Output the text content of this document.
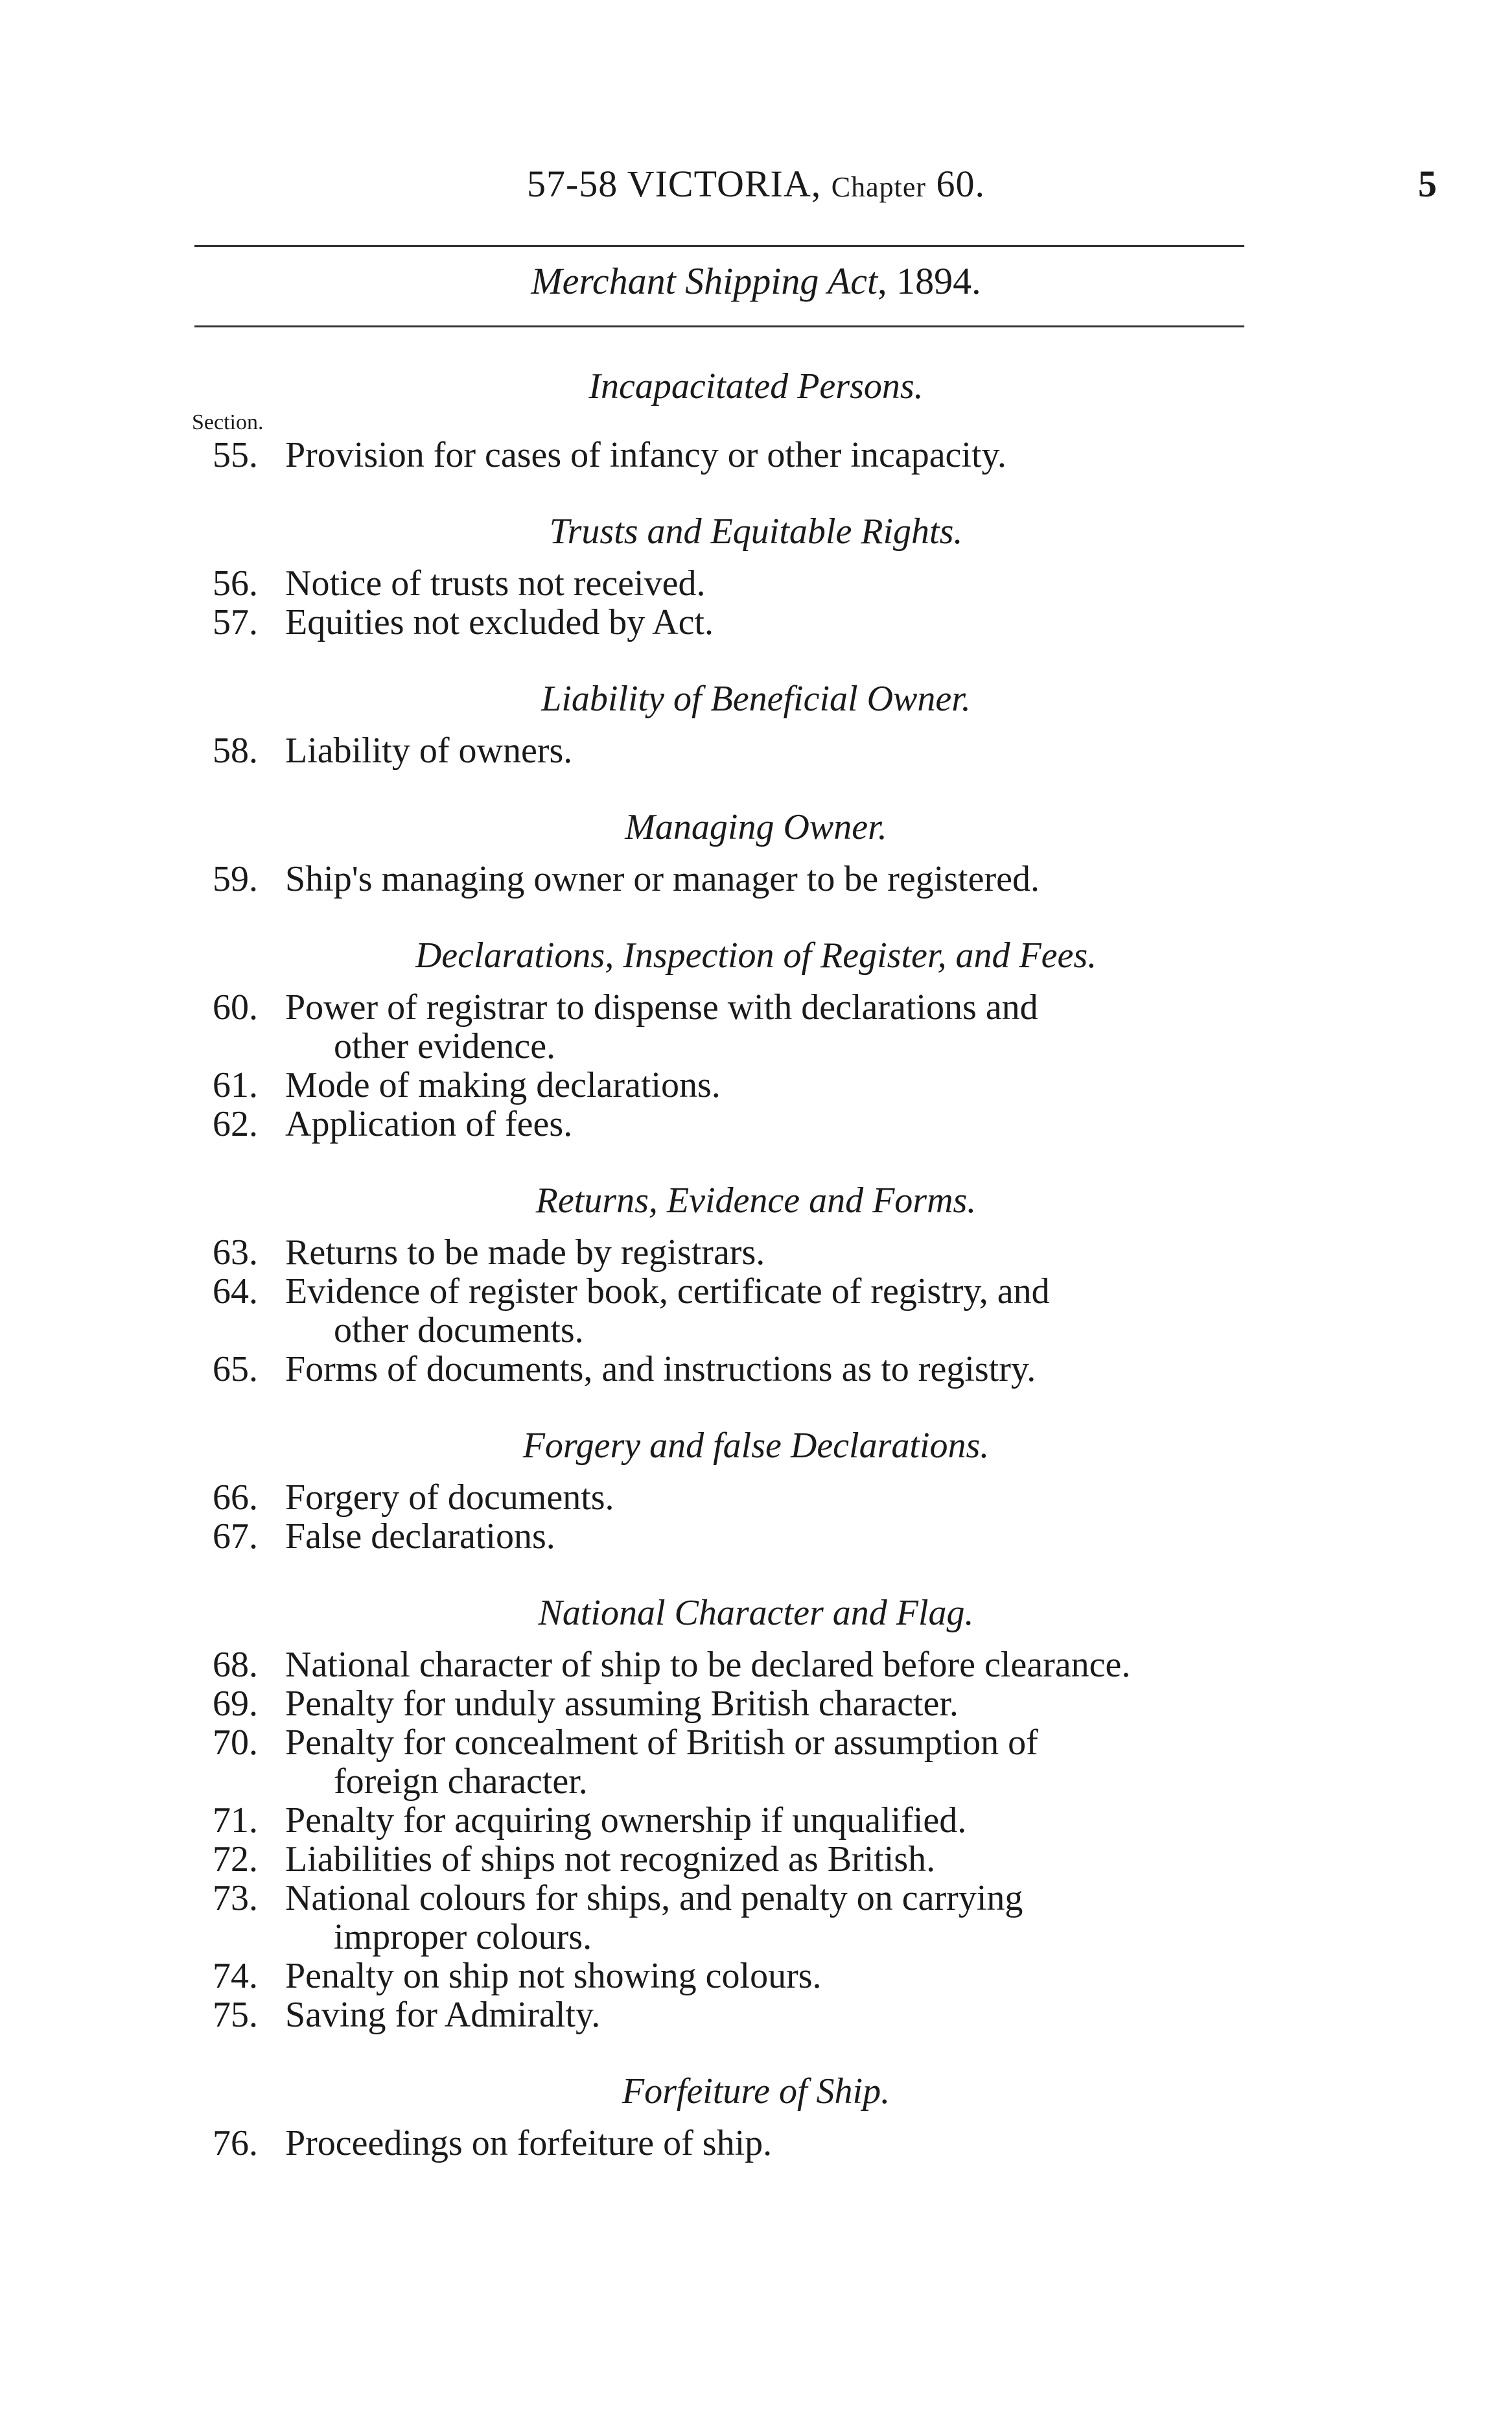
57-58 VICTORIA, Chapter 60.	5
Merchant Shipping Act, 1894.

Incapacitated Persons.

Section.
55. Provision for cases of infancy or other incapacity.

Trusts and Equitable Rights.

56. Notice of trusts not received.
57. Equities not excluded by Act.

Liability of Beneficial Owner.

58. Liability of owners.

Managing Owner.

59. Ship's managing owner or manager to be registered.

Declarations, Inspection of Register, and Fees.

60. Power of registrar to dispense with declarations and
other evidence.
61. Mode of making declarations.
62. Application of fees.

Returns, Evidence and Forms.

63. Returns to be made by registrars.
64. Evidence of register book, certificate of registry, and
other documents.
65. Forms of documents, and instructions as to registry.

Forgery and false Declarations.

66. Forgery of documents.
67. False declarations.

National Character and Flag.

68. National character of ship to be declared before clearance.
69. Penalty for unduly assuming British character.
70. Penalty for concealment of British or assumption of
foreign character.
71. Penalty for acquiring ownership if unqualified.
72. Liabilities of ships not recognized as British.
73. National colours for ships, and penalty on carrying
improper colours.
74. Penalty on ship not showing colours.
75. Saving for Admiralty.

Forfeiture of Ship.

76. Proceedings on forfeiture of ship.
